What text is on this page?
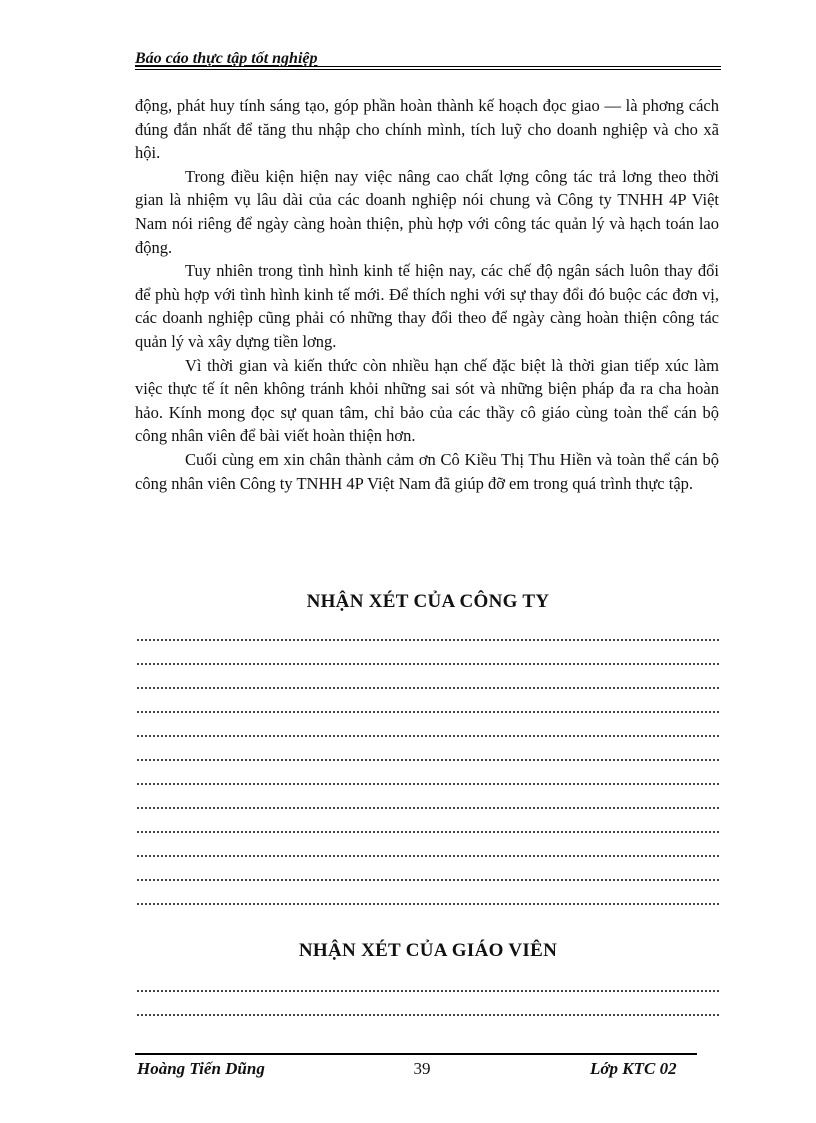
Báo cáo thực tập tốt nghiệp

động, phát huy tính sáng tạo, góp phần hoàn thành kế hoạch đọc giao — là phơng cách đúng đắn nhất để tăng thu nhập cho chính mình, tích luỹ cho doanh nghiệp và cho xã hội.

Trong điều kiện hiện nay việc nâng cao chất lợng công tác trả lơng theo thời gian là nhiệm vụ lâu dài của các doanh nghiệp nói chung và Công ty TNHH 4P Việt Nam nói riêng để ngày càng hoàn thiện, phù hợp với công tác quản lý và hạch toán lao động.

Tuy nhiên trong tình hình kinh tế hiện nay, các chế độ ngân sách luôn thay đổi để phù hợp với tình hình kinh tế mới. Để thích nghi với sự thay đổi đó buộc các đơn vị, các doanh nghiệp cũng phải có những thay đổi theo để ngày càng hoàn thiện công tác quản lý và xây dựng tiền lơng.

Vì thời gian và kiến thức còn nhiều hạn chế đặc biệt là thời gian tiếp xúc làm việc thực tế ít nên không tránh khỏi những sai sót và những biện pháp đa ra cha hoàn hảo. Kính mong đọc sự quan tâm, chỉ bảo của các thầy cô giáo cùng toàn thể cán bộ công nhân viên để bài viết hoàn thiện hơn.

Cuối cùng em xin chân thành cảm ơn Cô Kiều Thị Thu Hiền và toàn thể cán bộ công nhân viên Công ty TNHH 4P Việt Nam đã giúp đỡ em trong quá trình thực tập.

NHẬN XÉT CỦA CÔNG TY
NHẬN XÉT CỦA GIÁO VIÊN
Hoàng Tiến Dũng	39	Lớp KTC 02
